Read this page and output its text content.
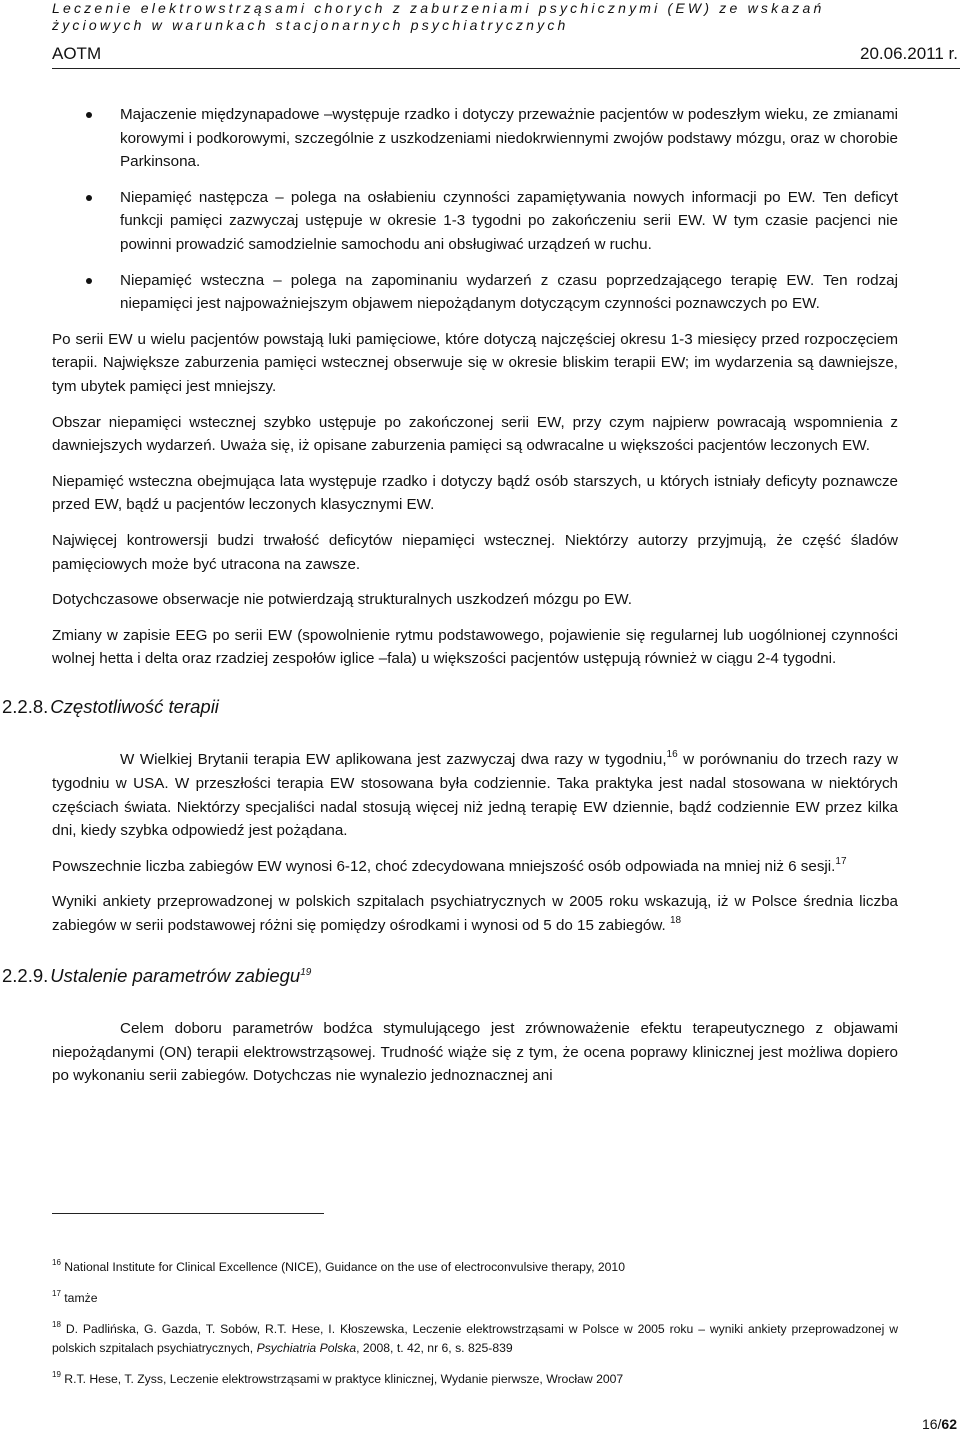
Leczenie elektrowstrząsami chorych z zaburzeniami psychicznymi (EW) ze wskazań
życiowych w warunkach stacjonarnych psychiatrycznych
AOTM	20.06.2011 r.
Majaczenie międzynapadowe –występuje rzadko i dotyczy przeważnie pacjentów w podeszłym wieku, ze zmianami korowymi i podkorowymi, szczególnie z uszkodzeniami niedokrwiennymi zwojów podstawy mózgu, oraz w chorobie Parkinsona.
Niepamięć następcza – polega na osłabieniu czynności zapamiętywania nowych informacji po EW. Ten deficyt funkcji pamięci zazwyczaj ustępuje w okresie 1-3 tygodni po zakończeniu serii EW. W tym czasie pacjenci nie powinni prowadzić samodzielnie samochodu ani obsługiwać urządzeń w ruchu.
Niepamięć wsteczna – polega na zapominaniu wydarzeń z czasu poprzedzającego terapię EW. Ten rodzaj niepamięci jest najpoważniejszym objawem niepożądanym dotyczącym czynności poznawczych po EW.

Po serii EW u wielu pacjentów powstają luki pamięciowe, które dotyczą najczęściej okresu 1-3 miesięcy przed rozpoczęciem terapii. Największe zaburzenia pamięci wstecznej obserwuje się w okresie bliskim terapii EW; im wydarzenia są dawniejsze, tym ubytek pamięci jest mniejszy.

Obszar niepamięci wstecznej szybko ustępuje po zakończonej serii EW, przy czym najpierw powracają wspomnienia z dawniejszych wydarzeń. Uważa się, iż opisane zaburzenia pamięci są odwracalne u większości pacjentów leczonych EW.

Niepamięć wsteczna obejmująca lata występuje rzadko i dotyczy bądź osób starszych, u których istniały deficyty poznawcze przed EW, bądź u pacjentów leczonych klasycznymi EW.

Najwięcej kontrowersji budzi trwałość deficytów niepamięci wstecznej. Niektórzy autorzy przyjmują, że część śladów pamięciowych może być utracona na zawsze.

Dotychczasowe obserwacje nie potwierdzają strukturalnych uszkodzeń mózgu po EW.

Zmiany w zapisie EEG po serii EW (spowolnienie rytmu podstawowego, pojawienie się regularnej lub uogólnionej czynności wolnej hetta i delta oraz rzadziej zespołów iglice –fala) u większości pacjentów ustępują również w ciągu 2-4 tygodni.

2.2.8. Częstotliwość terapii

W Wielkiej Brytanii terapia EW aplikowana jest zazwyczaj dwa razy w tygodniu,$^{16}$ w porównaniu do trzech razy w tygodniu w USA. W przeszłości terapia EW stosowana była codziennie. Taka praktyka jest nadal stosowana w niektórych częściach świata. Niektórzy specjaliści nadal stosują więcej niż jedną terapię EW dziennie, bądź codziennie EW przez kilka dni, kiedy szybka odpowiedź jest pożądana.

Powszechnie liczba zabiegów EW wynosi 6-12, choć zdecydowana mniejszość osób odpowiada na mniej niż 6 sesji.$^{17}$

Wyniki ankiety przeprowadzonej w polskich szpitalach psychiatrycznych w 2005 roku wskazują, iż w Polsce średnia liczba zabiegów w serii podstawowej różni się pomiędzy ośrodkami i wynosi od 5 do 15 zabiegów. $^{18}$

2.2.9. Ustalenie parametrów zabiegu$^{19}$

Celem doboru parametrów bodźca stymulującego jest zrównoważenie efektu terapeutycznego z objawami niepożądanymi (ON) terapii elektrowstrząsowej. Trudność wiąże się z tym, że ocena poprawy klinicznej jest możliwa dopiero po wykonaniu serii zabiegów. Dotychczas nie wynalezio jednoznacznej ani

$^{16}$ National Institute for Clinical Excellence (NICE), Guidance on the use of electroconvulsive therapy, 2010
$^{17}$ tamże
$^{18}$ D. Padlińska, G. Gazda, T. Sobów, R.T. Hese, I. Kłoszewska, Leczenie elektrowstrząsami w Polsce w 2005 roku – wyniki ankiety przeprowadzonej w polskich szpitalach psychiatrycznych, Psychiatria Polska, 2008, t. 42, nr 6, s. 825-839
$^{19}$ R.T. Hese, T. Zyss, Leczenie elektrowstrząsami w praktyce klinicznej, Wydanie pierwsze, Wrocław 2007
16/62
